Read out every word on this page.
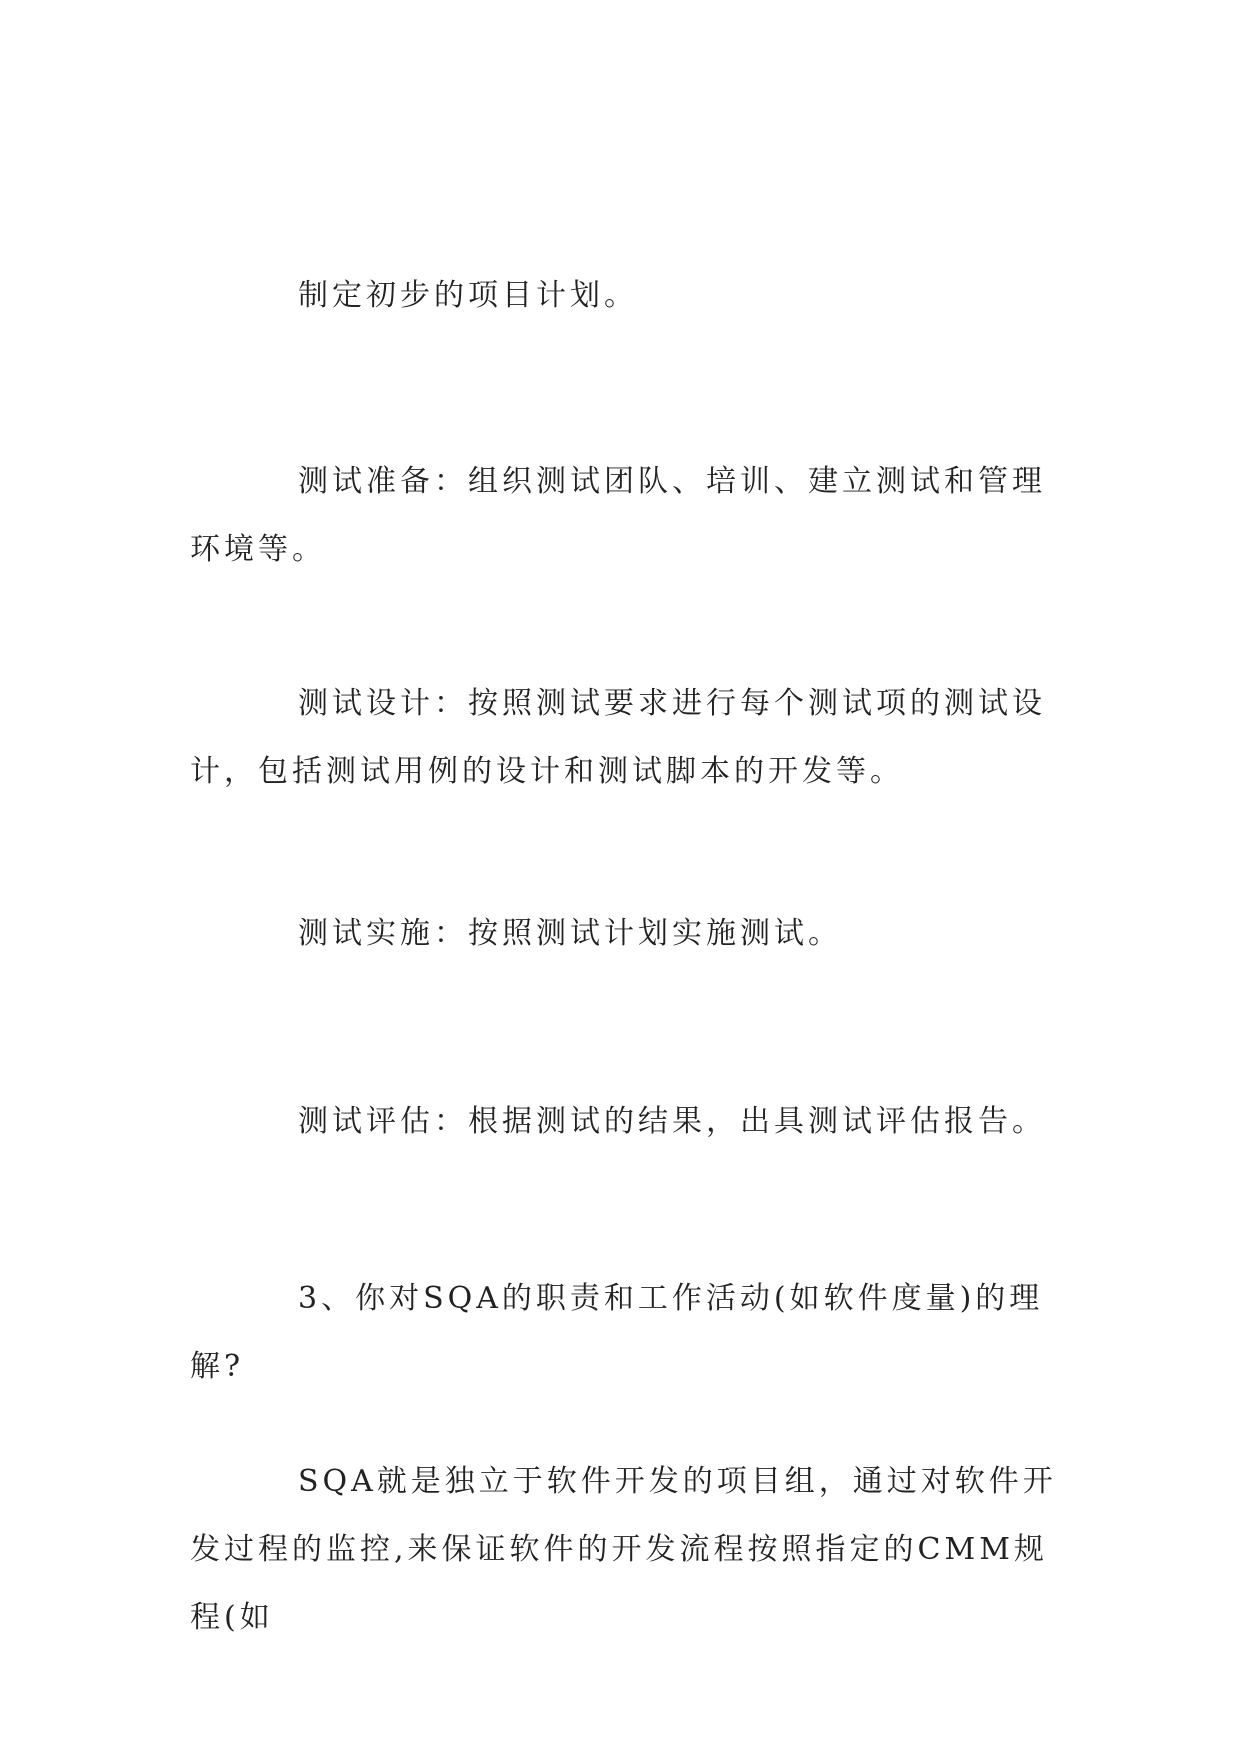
制定初步的项目计划。

测试准备：组织测试团队、培训、建立测试和管理环境等。

测试设计：按照测试要求进行每个测试项的测试设计，包括测试用例的设计和测试脚本的开发等。

测试实施：按照测试计划实施测试。

测试评估：根据测试的结果，出具测试评估报告。

3、你对SQA的职责和工作活动(如软件度量)的理解?

SQA就是独立于软件开发的项目组，通过对软件开发过程的监控,来保证软件的开发流程按照指定的CMM规程(如
